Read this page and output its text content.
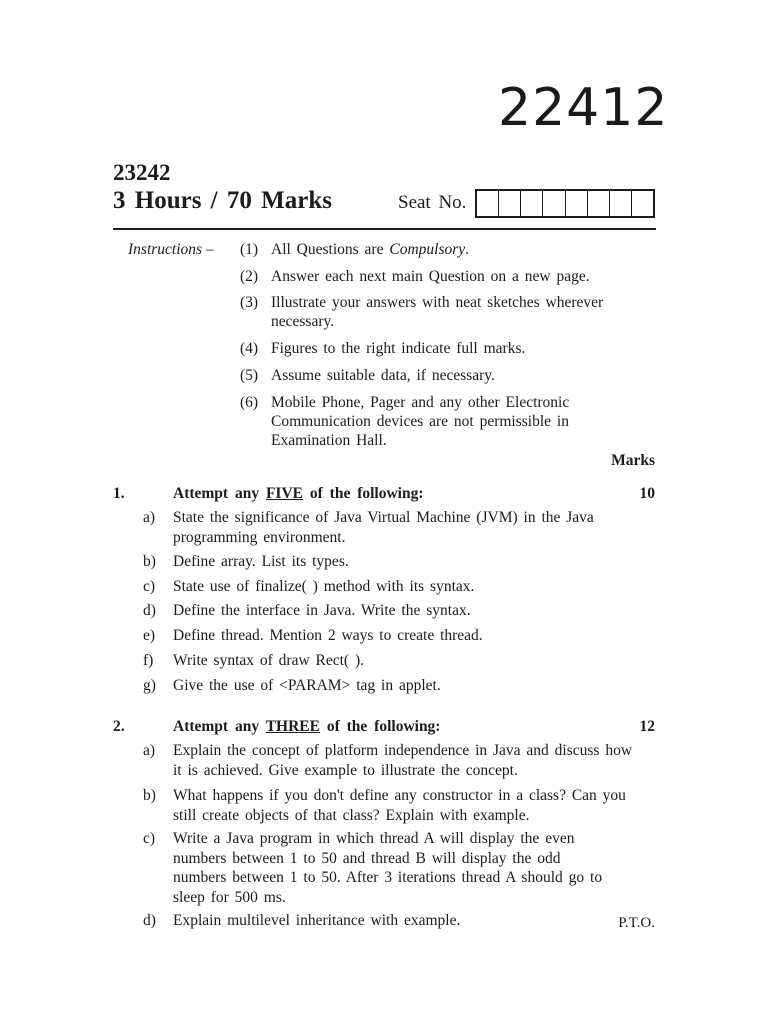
22412
23242
3 Hours / 70 Marks	Seat No.
Instructions – (1) All Questions are Compulsory.
(2) Answer each next main Question on a new page.
(3) Illustrate your answers with neat sketches wherever necessary.
(4) Figures to the right indicate full marks.
(5) Assume suitable data, if necessary.
(6) Mobile Phone, Pager and any other Electronic Communication devices are not permissible in Examination Hall.
Marks
1.	Attempt any FIVE of the following:	10
a) State the significance of Java Virtual Machine (JVM) in the Java programming environment.
b) Define array. List its types.
c) State use of finalize( ) method with its syntax.
d) Define the interface in Java. Write the syntax.
e) Define thread. Mention 2 ways to create thread.
f) Write syntax of draw Rect( ).
g) Give the use of <PARAM> tag in applet.
2.	Attempt any THREE of the following:	12
a) Explain the concept of platform independence in Java and discuss how it is achieved. Give example to illustrate the concept.
b) What happens if you don't define any constructor in a class? Can you still create objects of that class? Explain with example.
c) Write a Java program in which thread A will display the even numbers between 1 to 50 and thread B will display the odd numbers between 1 to 50. After 3 iterations thread A should go to sleep for 500 ms.
d) Explain multilevel inheritance with example.	P.T.O.
